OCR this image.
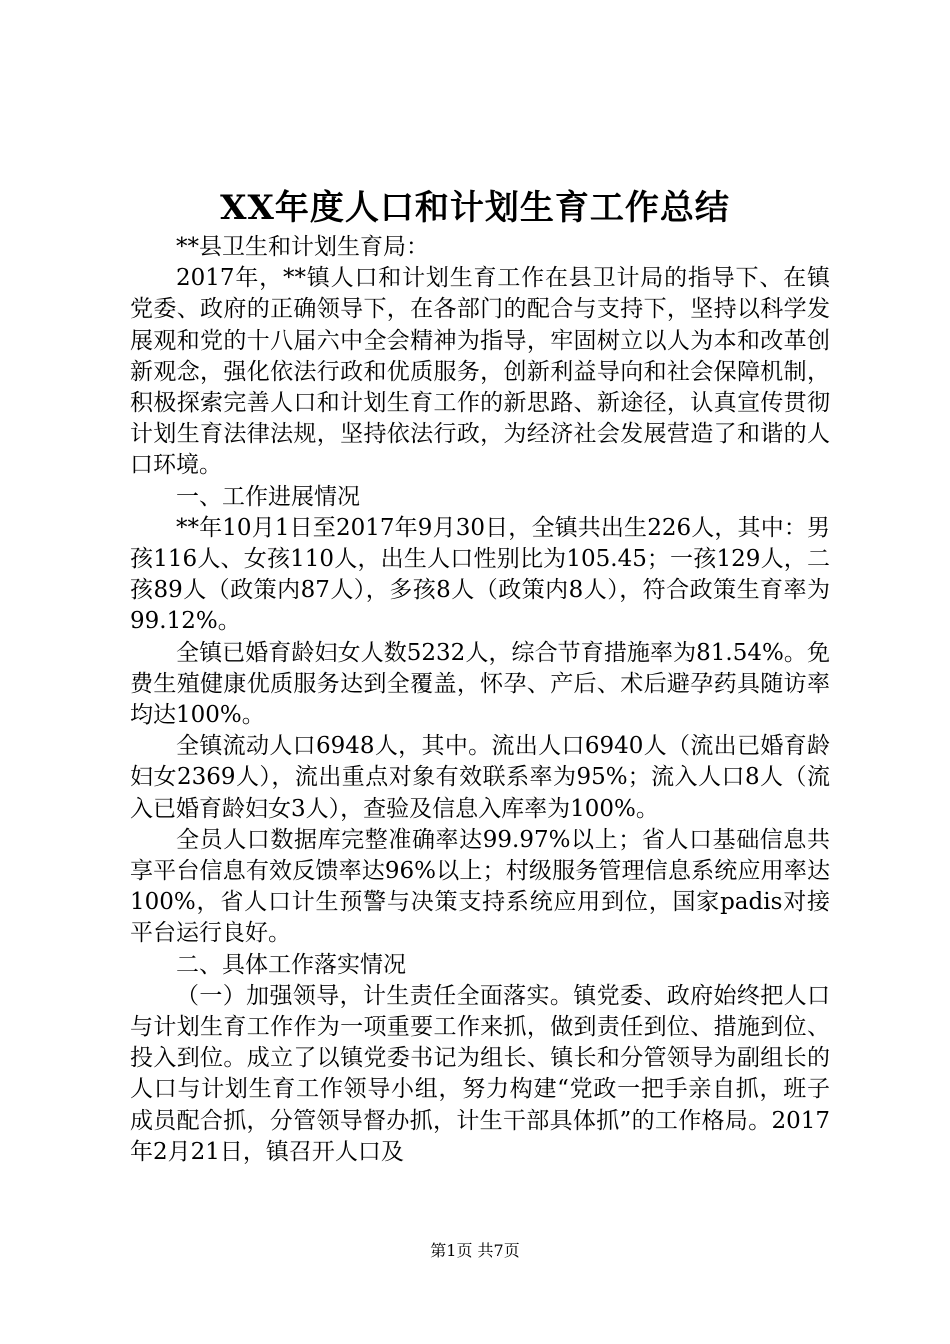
XX年度人口和计划生育工作总结

**县卫生和计划生育局：

2017年，**镇人口和计划生育工作在县卫计局的指导下、在镇党委、政府的正确领导下，在各部门的配合与支持下，坚持以科学发展观和党的十八届六中全会精神为指导，牢固树立以人为本和改革创新观念，强化依法行政和优质服务，创新利益导向和社会保障机制，积极探索完善人口和计划生育工作的新思路、新途径，认真宣传贯彻计划生育法律法规，坚持依法行政，为经济社会发展营造了和谐的人口环境。

一、工作进展情况

**年10月1日至2017年9月30日，全镇共出生226人，其中：男孩116人、女孩110人，出生人口性别比为105.45；一孩129人，二孩89人（政策内87人），多孩8人（政策内8人），符合政策生育率为99.12%。

全镇已婚育龄妇女人数5232人，综合节育措施率为81.54%。免费生殖健康优质服务达到全覆盖，怀孕、产后、术后避孕药具随访率均达100%。

全镇流动人口6948人，其中。流出人口6940人（流出已婚育龄妇女2369人），流出重点对象有效联系率为95%；流入人口8人（流入已婚育龄妇女3人），查验及信息入库率为100%。

全员人口数据库完整准确率达99.97%以上；省人口基础信息共享平台信息有效反馈率达96%以上；村级服务管理信息系统应用率达100%，省人口计生预警与决策支持系统应用到位，国家padis对接平台运行良好。

二、具体工作落实情况

（一）加强领导，计生责任全面落实。镇党委、政府始终把人口与计划生育工作作为一项重要工作来抓，做到责任到位、措施到位、投入到位。成立了以镇党委书记为组长、镇长和分管领导为副组长的人口与计划生育工作领导小组，努力构建“党政一把手亲自抓，班子成员配合抓，分管领导督办抓，计生干部具体抓”的工作格局。2017年2月21日，镇召开人口及

第1页 共7页
